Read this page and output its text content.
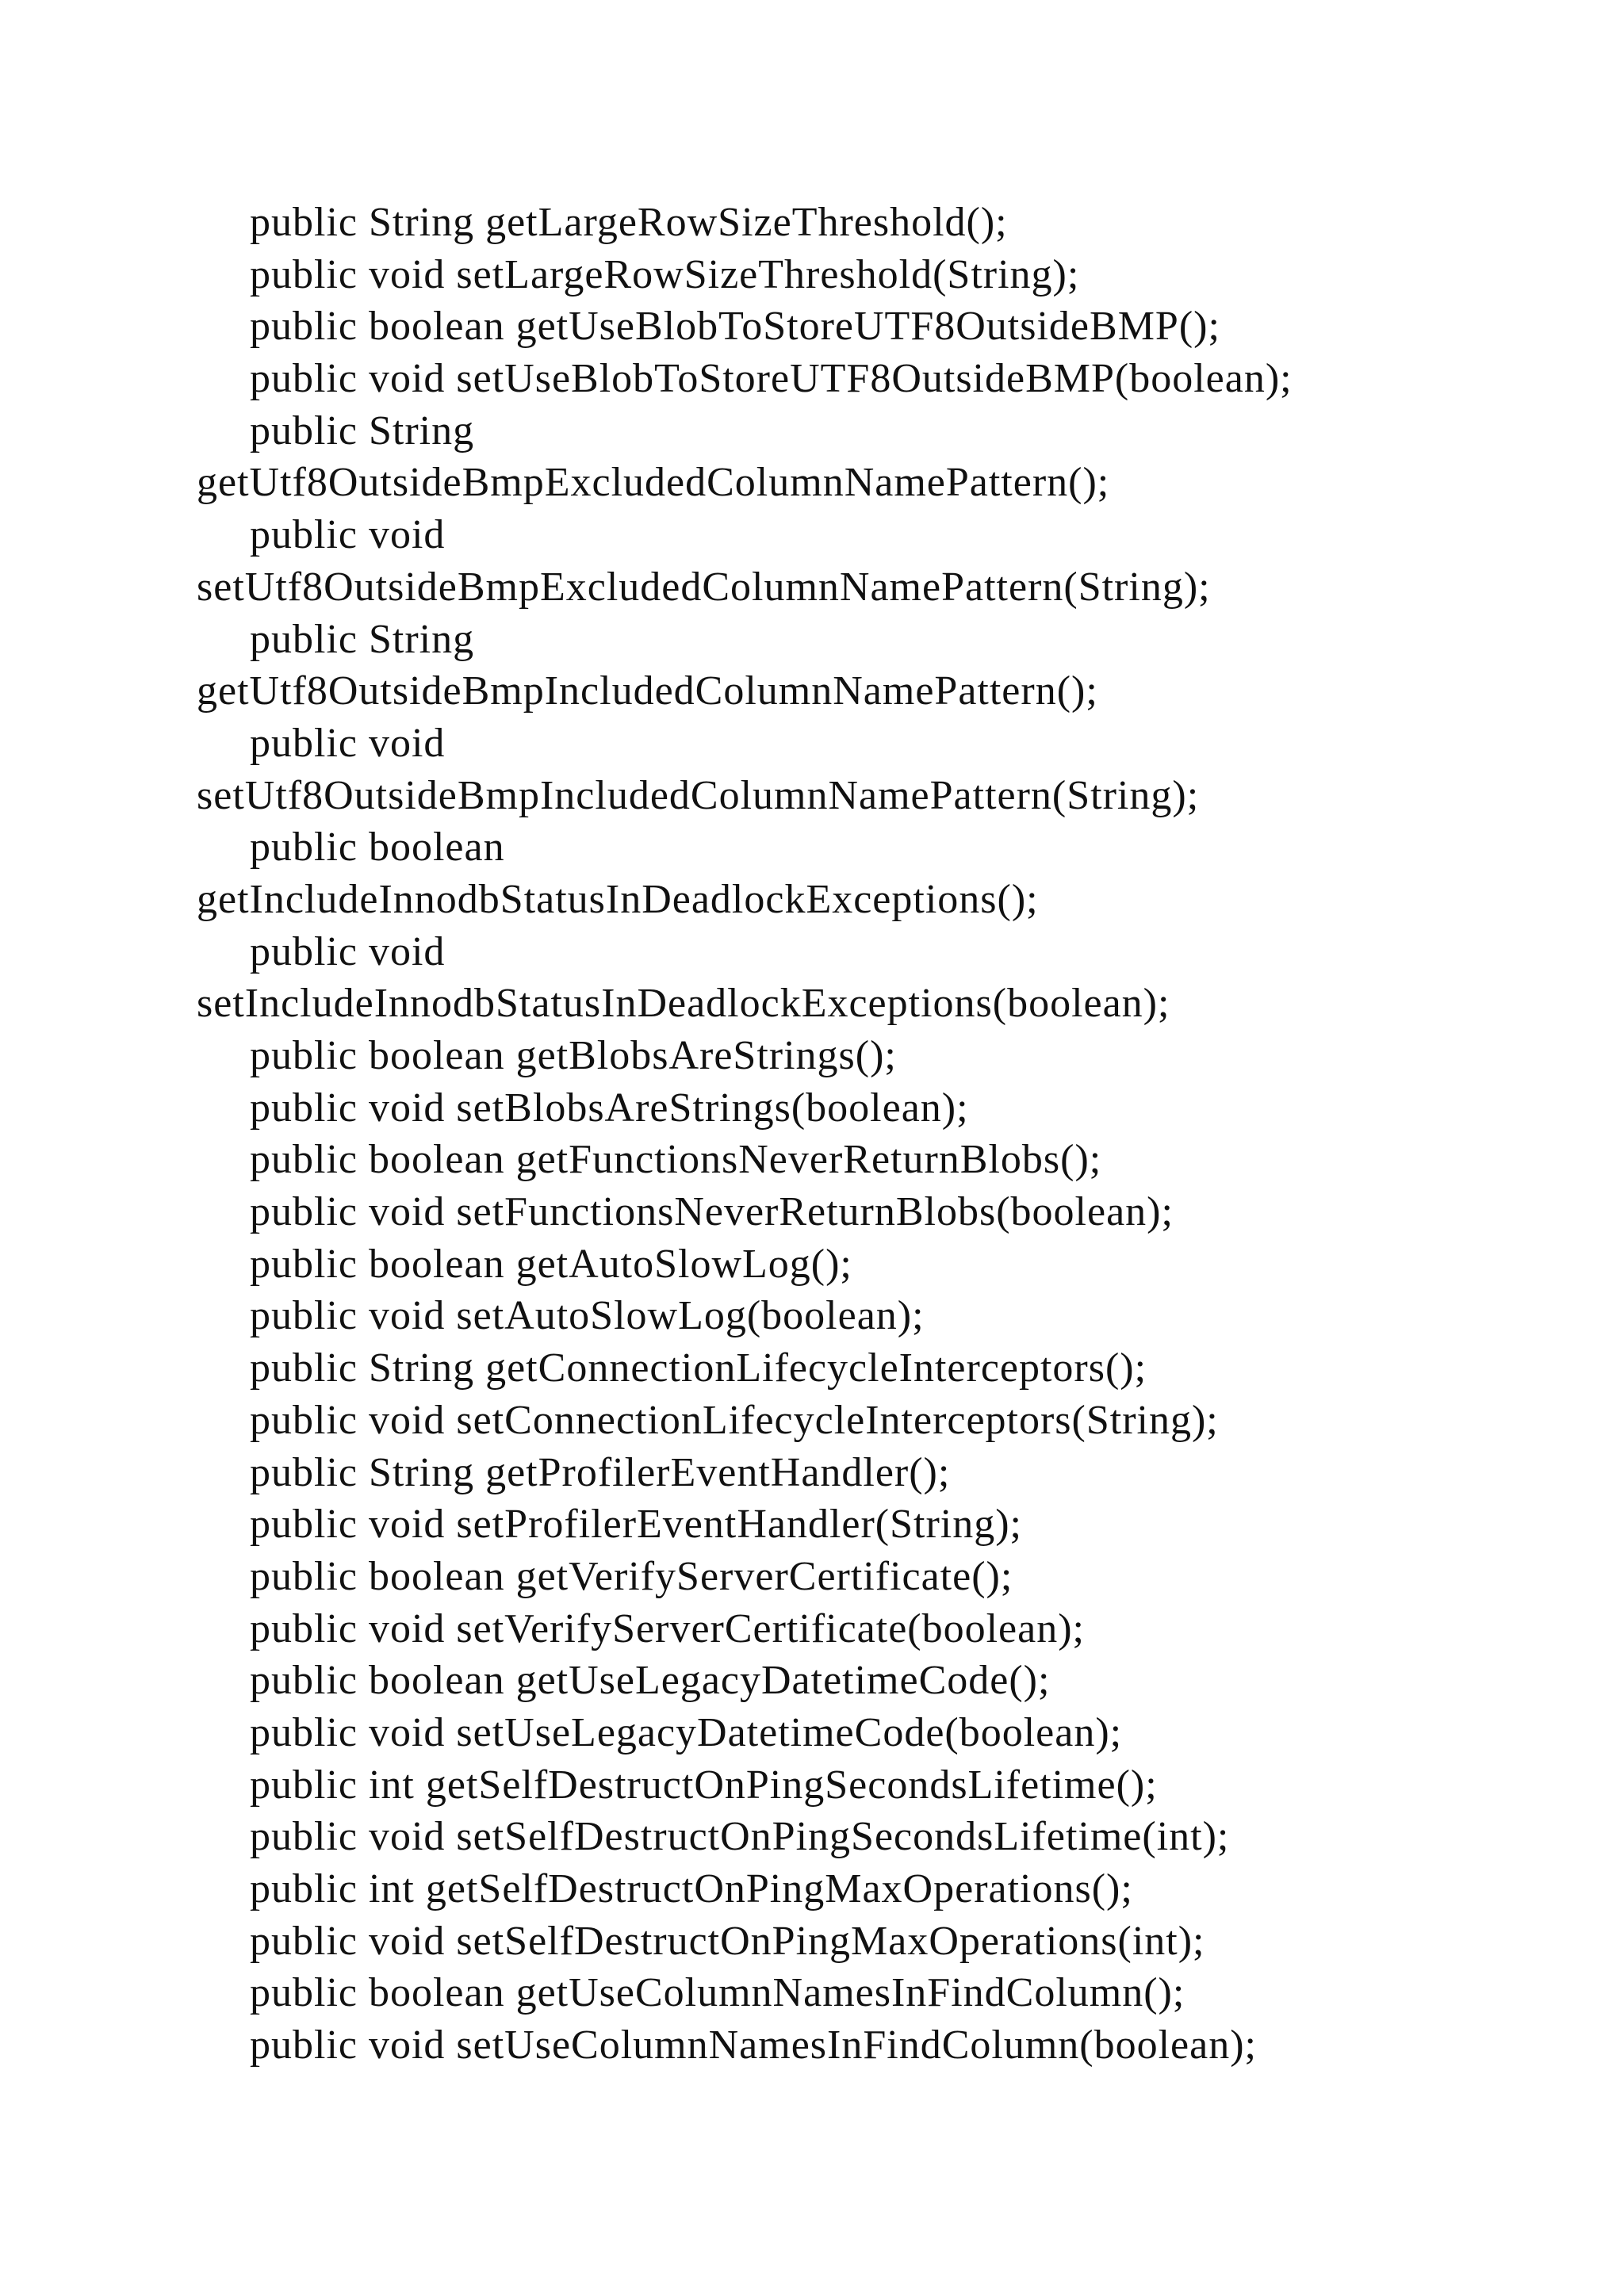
public String getLargeRowSizeThreshold();
public void setLargeRowSizeThreshold(String);
public boolean getUseBlobToStoreUTF8OutsideBMP();
public void setUseBlobToStoreUTF8OutsideBMP(boolean);
public String
getUtf8OutsideBmpExcludedColumnNamePattern();
public void
setUtf8OutsideBmpExcludedColumnNamePattern(String);
public String
getUtf8OutsideBmpIncludedColumnNamePattern();
public void
setUtf8OutsideBmpIncludedColumnNamePattern(String);
public boolean
getIncludeInnodbStatusInDeadlockExceptions();
public void
setIncludeInnodbStatusInDeadlockExceptions(boolean);
public boolean getBlobsAreStrings();
public void setBlobsAreStrings(boolean);
public boolean getFunctionsNeverReturnBlobs();
public void setFunctionsNeverReturnBlobs(boolean);
public boolean getAutoSlowLog();
public void setAutoSlowLog(boolean);
public String getConnectionLifecycleInterceptors();
public void setConnectionLifecycleInterceptors(String);
public String getProfilerEventHandler();
public void setProfilerEventHandler(String);
public boolean getVerifyServerCertificate();
public void setVerifyServerCertificate(boolean);
public boolean getUseLegacyDatetimeCode();
public void setUseLegacyDatetimeCode(boolean);
public int getSelfDestructOnPingSecondsLifetime();
public void setSelfDestructOnPingSecondsLifetime(int);
public int getSelfDestructOnPingMaxOperations();
public void setSelfDestructOnPingMaxOperations(int);
public boolean getUseColumnNamesInFindColumn();
public void setUseColumnNamesInFindColumn(boolean);
